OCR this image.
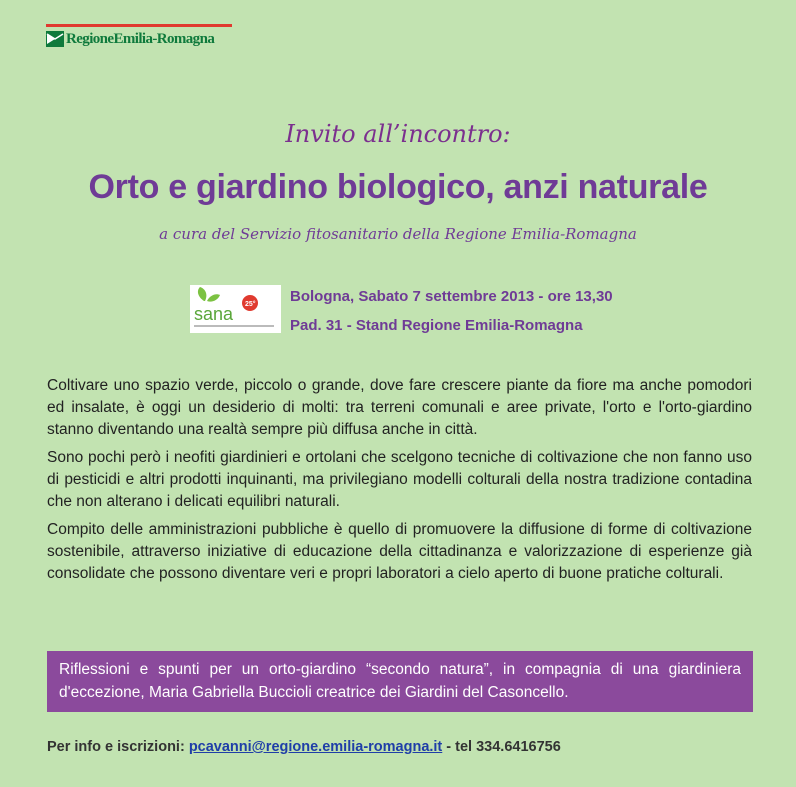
RegioneEmilia-Romagna
Invito all’incontro:
Orto e giardino biologico, anzi naturale
a cura del Servizio fitosanitario della Regione Emilia-Romagna
sana 25° Bologna, Sabato 7 settembre 2013 - ore 13,30
Pad. 31 - Stand Regione Emilia-Romagna

Coltivare uno spazio verde, piccolo o grande, dove fare crescere piante da fiore ma anche pomodori ed insalate, è oggi un desiderio di molti: tra terreni comunali e aree private, l'orto e l'orto-giardino stanno diventando una realtà sempre più diffusa anche in città.

Sono pochi però i neofiti giardinieri e ortolani che scelgono tecniche di coltivazione che non fanno uso di pesticidi e altri prodotti inquinanti, ma privilegiano modelli colturali della nostra tradizione contadina che non alterano i delicati equilibri naturali.

Compito delle amministrazioni pubbliche è quello di promuovere la diffusione di forme di coltivazione sostenibile, attraverso iniziative di educazione della cittadinanza e valorizzazione di esperienze già consolidate che possono diventare veri e propri laboratori a cielo aperto di buone pratiche colturali.

Riflessioni e spunti per un orto-giardino “secondo natura”, in compagnia di una giardiniera d'eccezione, Maria Gabriella Buccioli creatrice dei Giardini del Casoncello.
Per info e iscrizioni: pcavanni@regione.emilia-romagna.it - tel 334.6416756
